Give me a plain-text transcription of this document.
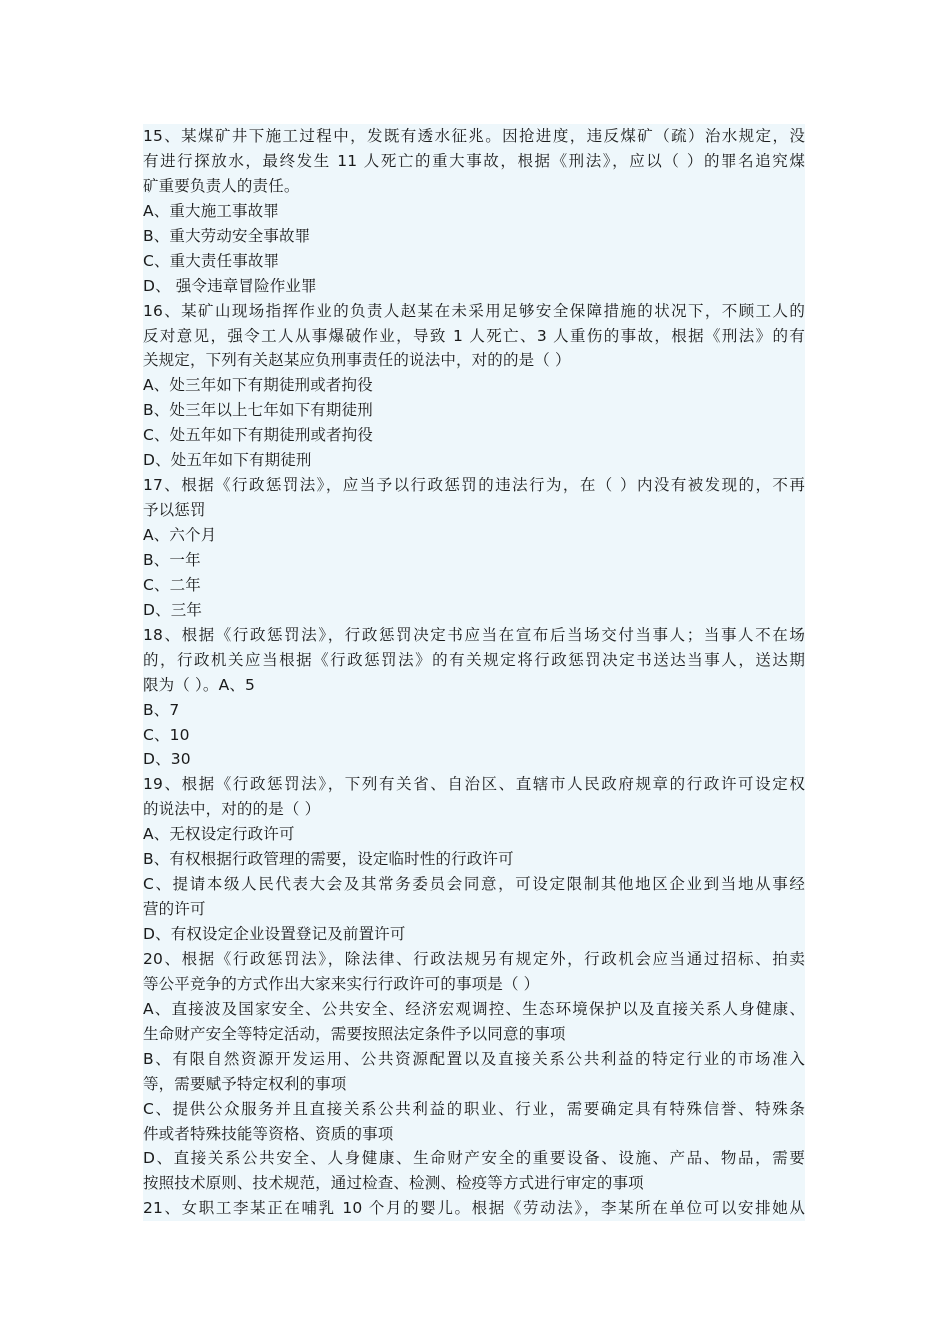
15、某煤矿井下施工过程中，发既有透水征兆。因抢进度，违反煤矿（疏）治水规定，没
有进行探放水，最终发生 11 人死亡的重大事故，根据《刑法》，应以（ ）的罪名追究煤
矿重要负责人的责任。
A、重大施工事故罪
B、重大劳动安全事故罪
C、重大责任事故罪
D、 强令违章冒险作业罪
16、某矿山现场指挥作业的负责人赵某在未采用足够安全保障措施的状况下，不顾工人的
反对意见，强令工人从事爆破作业，导致 1 人死亡、3 人重伤的事故，根据《刑法》的有
关规定，下列有关赵某应负刑事责任的说法中，对的的是（ ）
A、处三年如下有期徒刑或者拘役
B、处三年以上七年如下有期徒刑
C、处五年如下有期徒刑或者拘役
D、处五年如下有期徒刑
17、根据《行政惩罚法》，应当予以行政惩罚的违法行为，在（ ）内没有被发现的，不再
予以惩罚
A、六个月
B、一年
C、二年
D、三年
18、根据《行政惩罚法》，行政惩罚决定书应当在宣布后当场交付当事人；当事人不在场
的，行政机关应当根据《行政惩罚法》的有关规定将行政惩罚决定书送达当事人，送达期
限为（ ）。A、5
B、7
C、10
D、30
19、根据《行政惩罚法》，下列有关省、自治区、直辖市人民政府规章的行政许可设定权
的说法中，对的的是（ ）
A、无权设定行政许可
B、有权根据行政管理的需要，设定临时性的行政许可
C、提请本级人民代表大会及其常务委员会同意，可设定限制其他地区企业到当地从事经
营的许可
D、有权设定企业设置登记及前置许可
20、根据《行政惩罚法》，除法律、行政法规另有规定外，行政机会应当通过招标、拍卖
等公平竞争的方式作出大家来实行行政许可的事项是（ ）
A、直接波及国家安全、公共安全、经济宏观调控、生态环境保护以及直接关系人身健康、
生命财产安全等特定活动，需要按照法定条件予以同意的事项
B、有限自然资源开发运用、公共资源配置以及直接关系公共利益的特定行业的市场准入
等，需要赋予特定权利的事项
C、提供公众服务并且直接关系公共利益的职业、行业，需要确定具有特殊信誉、特殊条
件或者特殊技能等资格、资质的事项
D、直接关系公共安全、人身健康、生命财产安全的重要设备、设施、产品、物品，需要
按照技术原则、技术规范，通过检查、检测、检疫等方式进行审定的事项
21、女职工李某正在哺乳 10 个月的婴儿。根据《劳动法》，李某所在单位可以安排她从
